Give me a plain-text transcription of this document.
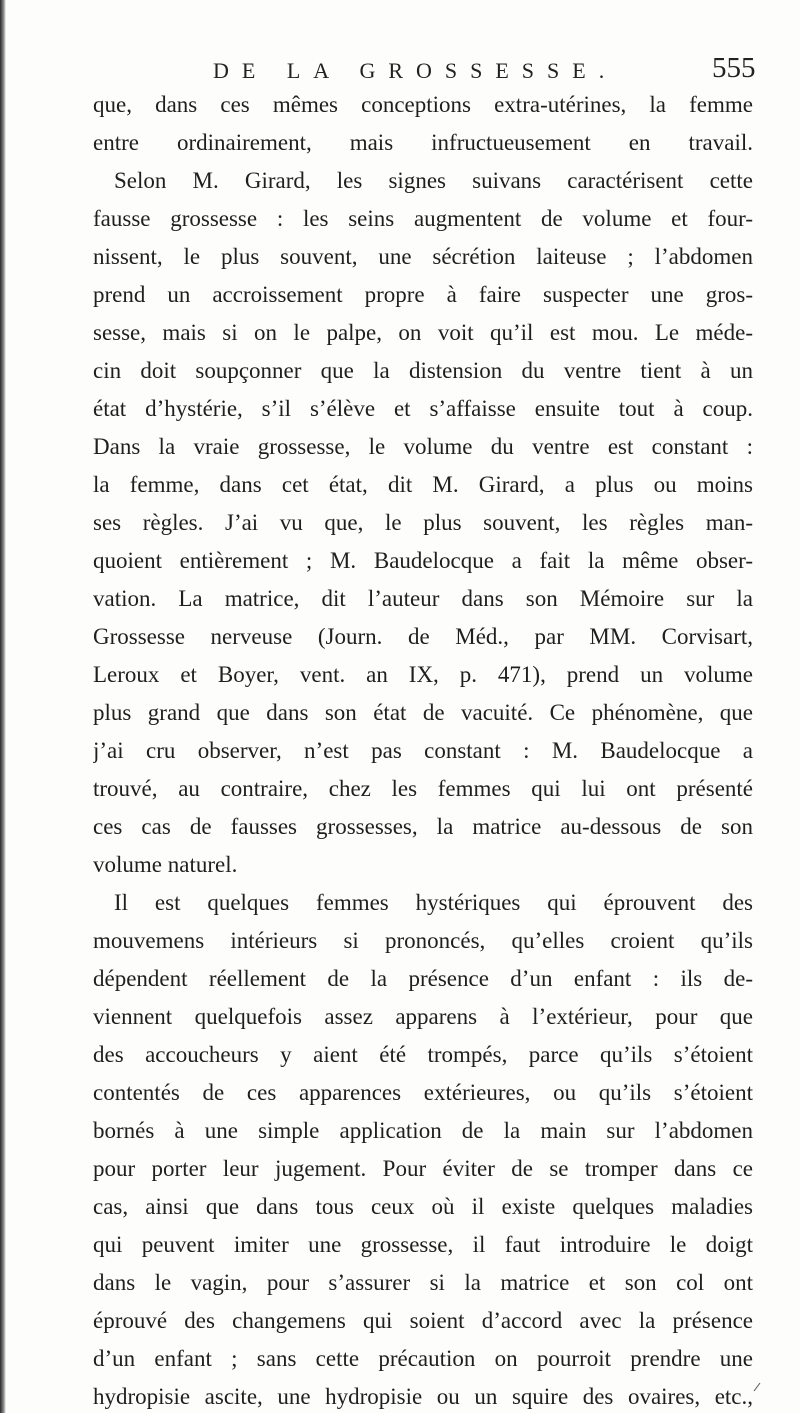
DE LA GROSSESSE.	555
que, dans ces mêmes conceptions extra-utérines, la femme
entre ordinairement, mais infructueusement en travail.
Selon M. Girard, les signes suivans caractérisent cette
fausse grossesse : les seins augmentent de volume et four-
nissent, le plus souvent, une sécrétion laiteuse ; l’abdomen
prend un accroissement propre à faire suspecter une gros-
sesse, mais si on le palpe, on voit qu’il est mou. Le méde-
cin doit soupçonner que la distension du ventre tient à un
état d’hystérie, s’il s’élève et s’affaisse ensuite tout à coup.
Dans la vraie grossesse, le volume du ventre est constant :
la femme, dans cet état, dit M. Girard, a plus ou moins
ses règles. J’ai vu que, le plus souvent, les règles man-
quoient entièrement ; M. Baudelocque a fait la même obser-
vation. La matrice, dit l’auteur dans son Mémoire sur la
Grossesse nerveuse (Journ. de Méd., par MM. Corvisart,
Leroux et Boyer, vent. an IX, p. 471), prend un volume
plus grand que dans son état de vacuité. Ce phénomène, que
j’ai cru observer, n’est pas constant : M. Baudelocque a
trouvé, au contraire, chez les femmes qui lui ont présenté
ces cas de fausses grossesses, la matrice au-dessous de son
volume naturel.
Il est quelques femmes hystériques qui éprouvent des
mouvemens intérieurs si prononcés, qu’elles croient qu’ils
dépendent réellement de la présence d’un enfant : ils de-
viennent quelquefois assez apparens à l’extérieur, pour que
des accoucheurs y aient été trompés, parce qu’ils s’étoient
contentés de ces apparences extérieures, ou qu’ils s’étoient
bornés à une simple application de la main sur l’abdomen
pour porter leur jugement. Pour éviter de se tromper dans ce
cas, ainsi que dans tous ceux où il existe quelques maladies
qui peuvent imiter une grossesse, il faut introduire le doigt
dans le vagin, pour s’assurer si la matrice et son col ont
éprouvé des changemens qui soient d’accord avec la présence
d’un enfant ; sans cette précaution on pourroit prendre une
hydropisie ascite, une hydropisie ou un squire des ovaires, etc.,
